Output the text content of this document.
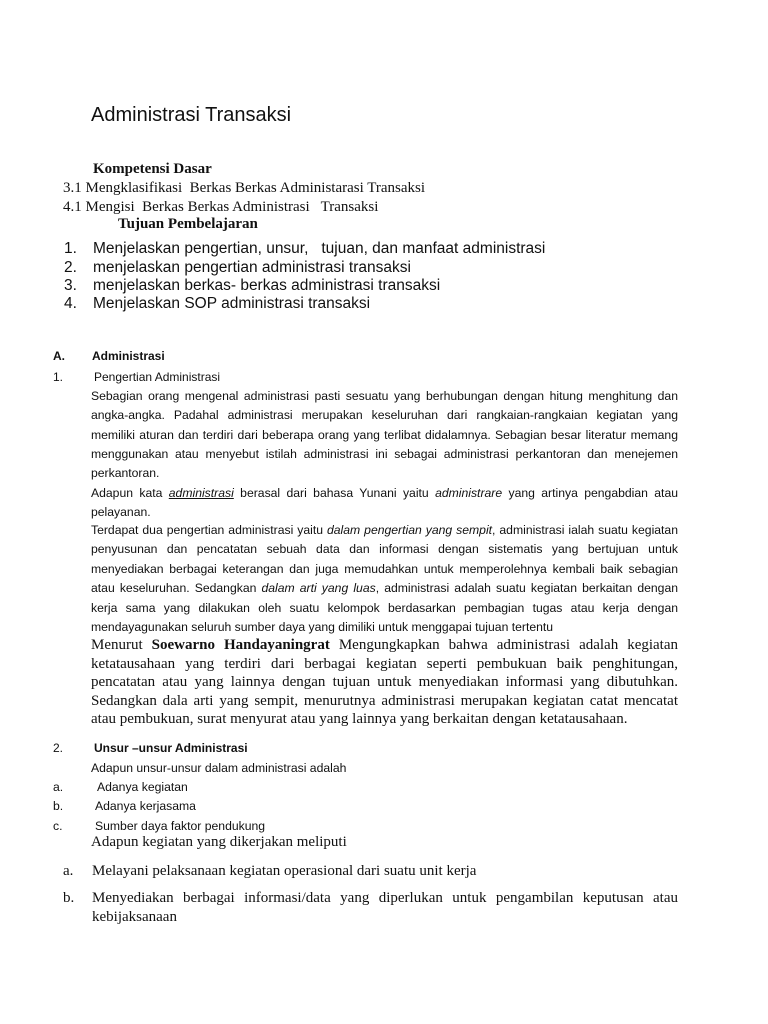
Administrasi Transaksi
Kompetensi Dasar
3.1 Mengklasifikasi  Berkas Berkas Administarasi Transaksi
4.1 Mengisi  Berkas Berkas Administrasi   Transaksi
Tujuan Pembelajaran
1. Menjelaskan pengertian, unsur,   tujuan, dan manfaat administrasi
2. menjelaskan pengertian administrasi transaksi
3. menjelaskan berkas- berkas administrasi transaksi
4. Menjelaskan SOP administrasi transaksi
A. Administrasi
1.	Pengertian Administrasi
Sebagian orang mengenal administrasi pasti sesuatu yang berhubungan dengan hitung menghitung dan angka-angka. Padahal administrasi merupakan keseluruhan dari rangkaian-rangkaian kegiatan yang memiliki aturan dan terdiri dari beberapa orang yang terlibat didalamnya. Sebagian besar literatur memang menggunakan atau menyebut istilah administrasi ini sebagai administrasi perkantoran dan menejemen perkantoran.
Adapun kata administrasi berasal dari bahasa Yunani yaitu administrare yang artinya pengabdian atau pelayanan.
Terdapat dua pengertian administrasi yaitu dalam pengertian yang sempit, administrasi ialah suatu kegiatan penyusunan dan pencatatan sebuah data dan informasi dengan sistematis yang bertujuan untuk menyediakan berbagai keterangan dan juga memudahkan untuk memperolehnya kembali baik sebagian atau keseluruhan. Sedangkan dalam arti yang luas, administrasi adalah suatu kegiatan berkaitan dengan kerja sama yang dilakukan oleh suatu kelompok berdasarkan pembagian tugas atau kerja dengan mendayagunakan seluruh sumber daya yang dimiliki untuk menggapai tujuan tertentu
Menurut Soewarno Handayaningrat Mengungkapkan bahwa administrasi adalah kegiatan ketatausahaan yang terdiri dari berbagai kegiatan seperti pembukuan baik penghitungan, pencatatan atau yang lainnya dengan tujuan untuk menyediakan informasi yang dibutuhkan. Sedangkan dala arti yang sempit, menurutnya administrasi merupakan kegiatan catat mencatat atau pembukuan, surat menyurat atau yang lainnya yang berkaitan dengan ketatausahaan.
2.	Unsur –unsur Administrasi
Adapun unsur-unsur dalam administrasi adalah
a.	Adanya kegiatan
b.	Adanya kerjasama
c.	Sumber daya faktor pendukung
Adapun kegiatan yang dikerjakan meliputi
a. Melayani pelaksanaan kegiatan operasional dari suatu unit kerja
b. Menyediakan berbagai informasi/data yang diperlukan untuk pengambilan keputusan atau kebijaksanaan
